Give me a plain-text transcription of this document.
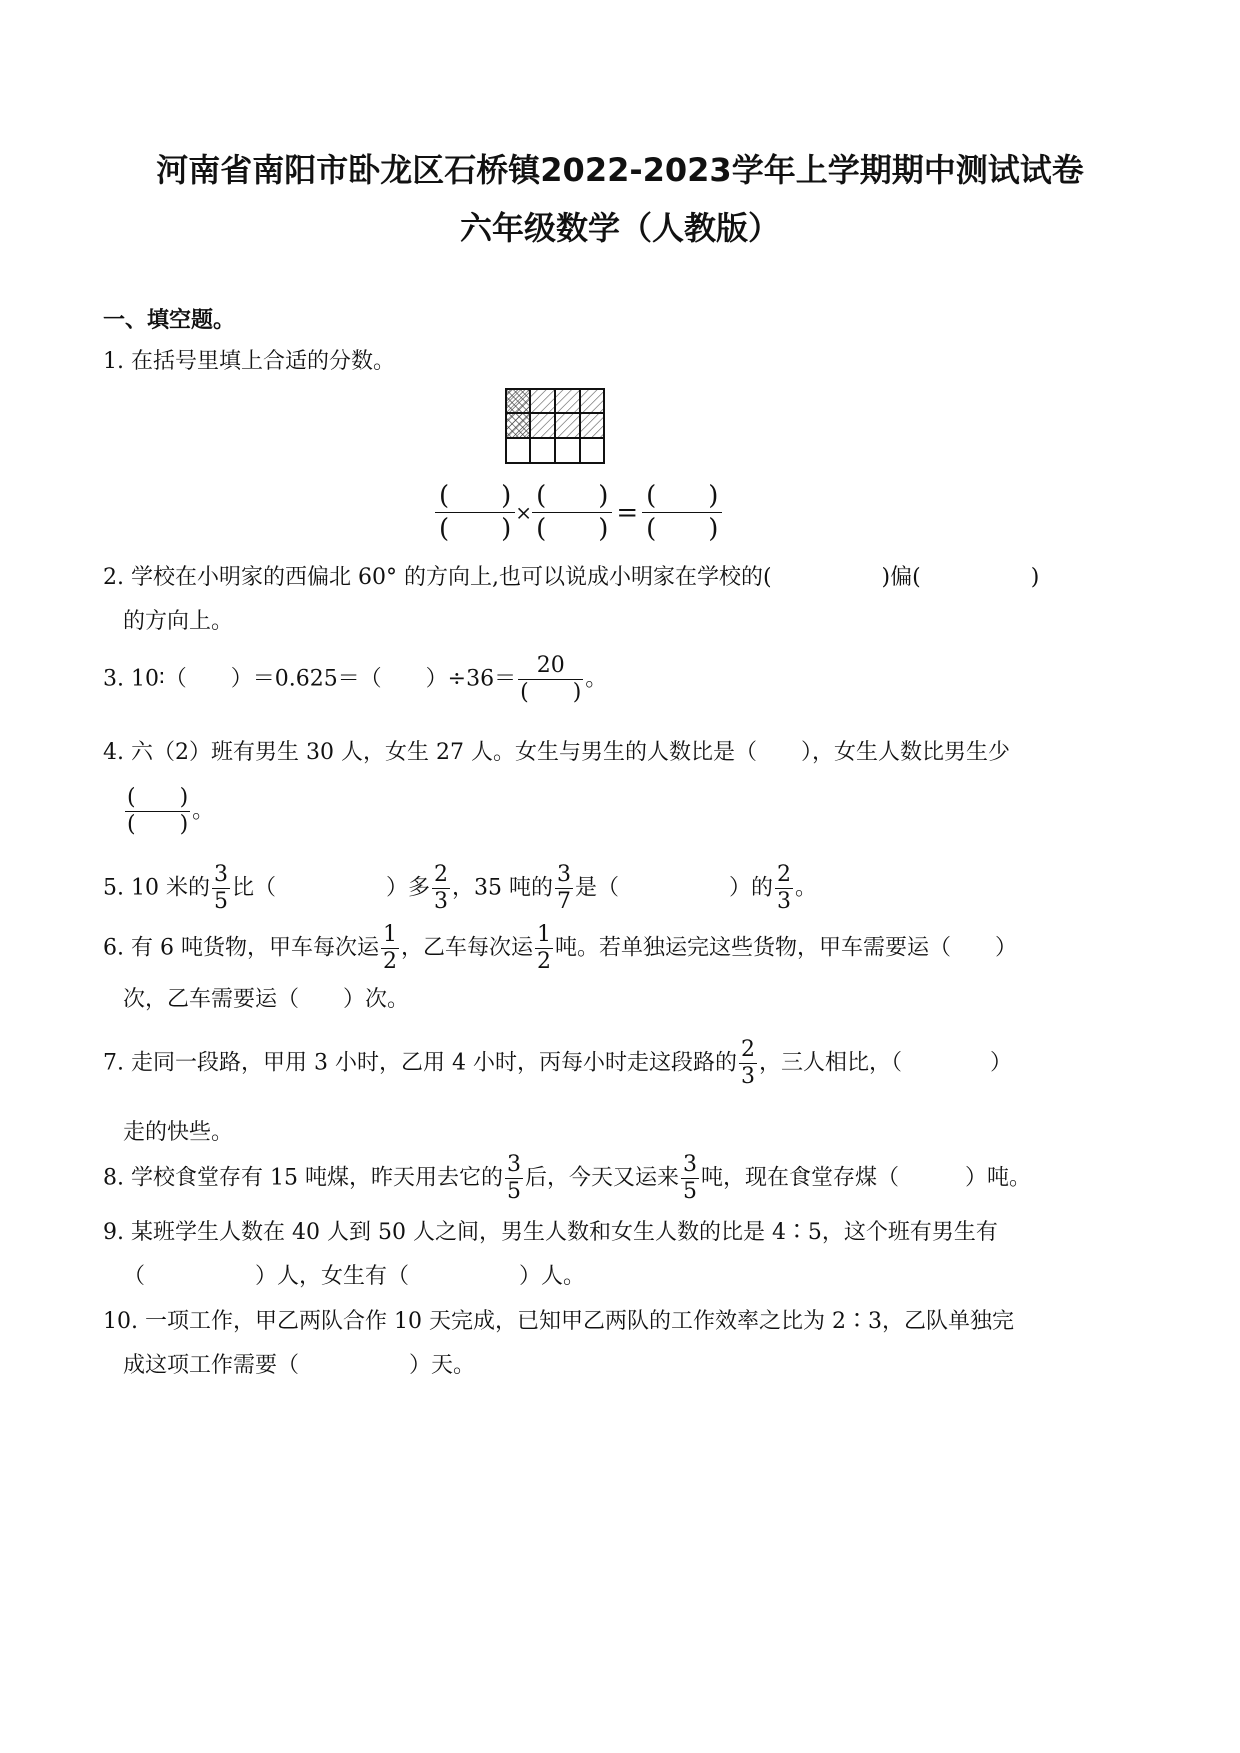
河南省南阳市卧龙区石桥镇2022-2023学年上学期期中测试试卷
六年级数学（人教版）
一、填空题。
1. 在括号里填上合适的分数。
(　　)
(　　)
×
(　　)
(　　)
=
(　　)
(　　)
2. 学校在小明家的西偏北 60° 的方向上,也可以说成小明家在学校的(　　　　　)偏(　　　　　)
的方向上。
3. 10∶（　　）＝0.625＝（　　）$\div 36= \frac{20}{( )}$ 。
4. 六（2）班有男生 30 人，女生 27 人。女生与男生的人数比是（　　），女生人数比男生少
$\frac{( )}{( )}$ 。
5. 10 米的 $\frac{3}{5}$ 比（　　　　　）多 $\frac{2}{3}$ ，35 吨的 $\frac{3}{7}$ 是（　　　　　）的 $\frac{2}{3}$ 。
6. 有 6 吨货物，甲车每次运 $\frac{1}{2}$ ，乙车每次运 $\frac{1}{2}$ 吨。若单独运完这些货物，甲车需要运（　　）
次，乙车需要运（　　）次。
7. 走同一段路，甲用 3 小时，乙用 4 小时，丙每小时走这段路的 $\frac{2}{3}$ ，三人相比，（　　　　）
走的快些。
8. 学校食堂存有 15 吨煤，昨天用去它的 $\frac{3}{5}$ 后，今天又运来 $\frac{3}{5}$ 吨，现在食堂存煤（　　　）吨。
9. 某班学生人数在 40 人到 50 人之间，男生人数和女生人数的比是 4∶5，这个班有男生有
（　　　　　）人，女生有（　　　　　）人。
10. 一项工作，甲乙两队合作 10 天完成，已知甲乙两队的工作效率之比为 2∶3，乙队单独完
成这项工作需要（　　　　　）天。
